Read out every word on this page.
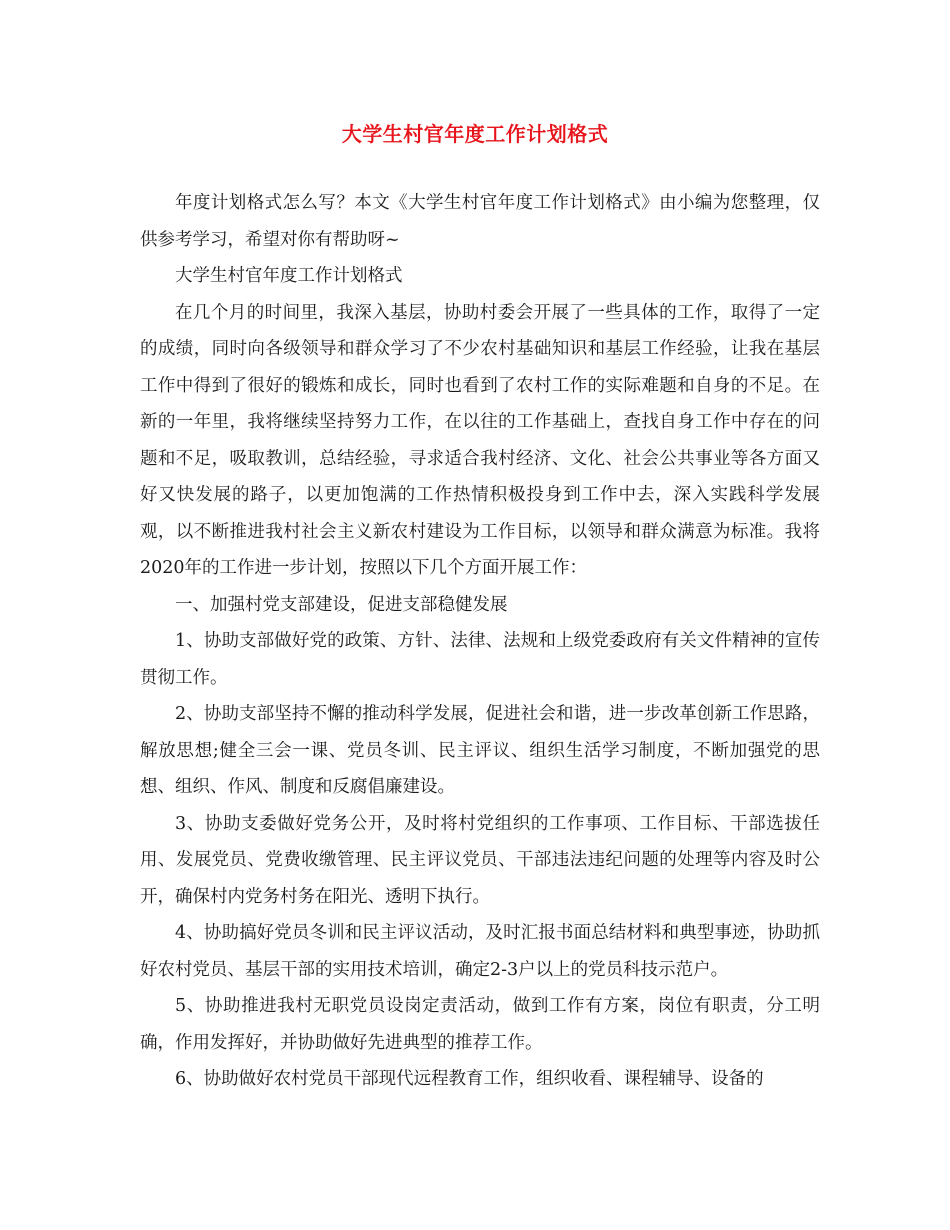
大学生村官年度工作计划格式

年度计划格式怎么写？本文《大学生村官年度工作计划格式》由小编为您整理，仅供参考学习，希望对你有帮助呀~

大学生村官年度工作计划格式

在几个月的时间里，我深入基层，协助村委会开展了一些具体的工作，取得了一定的成绩，同时向各级领导和群众学习了不少农村基础知识和基层工作经验，让我在基层工作中得到了很好的锻炼和成长，同时也看到了农村工作的实际难题和自身的不足。在新的一年里，我将继续坚持努力工作，在以往的工作基础上，查找自身工作中存在的问题和不足，吸取教训，总结经验，寻求适合我村经济、文化、社会公共事业等各方面又好又快发展的路子，以更加饱满的工作热情积极投身到工作中去，深入实践科学发展观，以不断推进我村社会主义新农村建设为工作目标，以领导和群众满意为标准。我将2020年的工作进一步计划，按照以下几个方面开展工作：

一、加强村党支部建设，促进支部稳健发展

1、协助支部做好党的政策、方针、法律、法规和上级党委政府有关文件精神的宣传贯彻工作。

2、协助支部坚持不懈的推动科学发展，促进社会和谐，进一步改革创新工作思路，解放思想;健全三会一课、党员冬训、民主评议、组织生活学习制度，不断加强党的思想、组织、作风、制度和反腐倡廉建设。

3、协助支委做好党务公开，及时将村党组织的工作事项、工作目标、干部选拔任用、发展党员、党费收缴管理、民主评议党员、干部违法违纪问题的处理等内容及时公开，确保村内党务村务在阳光、透明下执行。

4、协助搞好党员冬训和民主评议活动，及时汇报书面总结材料和典型事迹，协助抓好农村党员、基层干部的实用技术培训，确定2-3户以上的党员科技示范户。

5、协助推进我村无职党员设岗定责活动，做到工作有方案，岗位有职责，分工明确，作用发挥好，并协助做好先进典型的推荐工作。

6、协助做好农村党员干部现代远程教育工作，组织收看、课程辅导、设备的
